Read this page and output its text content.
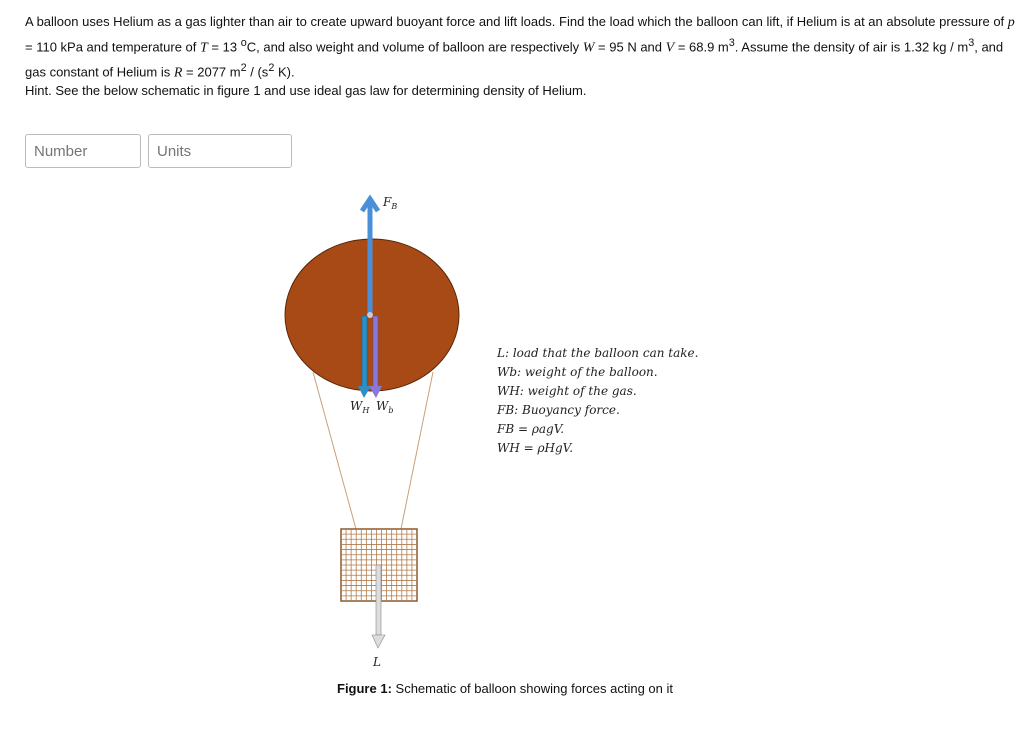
A balloon uses Helium as a gas lighter than air to create upward buoyant force and lift loads. Find the load which the balloon can lift, if Helium is at an absolute pressure of p = 110 kPa and temperature of T = 13 $^o$C, and also weight and volume of balloon are respectively W = 95 N and V = 68.9 $m^3$. Assume the density of air is 1.32 kg / $m^3$, and gas constant of Helium is R = 2077 $m^2 / (s^2$ K).
Hint. See the below schematic in figure 1 and use ideal gas law for determining density of Helium.
Number
Units
$F_B$
$W_H$ $W_b$
L
L: load that the balloon can take.
Wb: weight of the balloon.
WH: weight of the gas.
FB: Buoyancy force.
FB = ρagV.
WH = ρHgV.
Figure 1: Schematic of balloon showing forces acting on it
